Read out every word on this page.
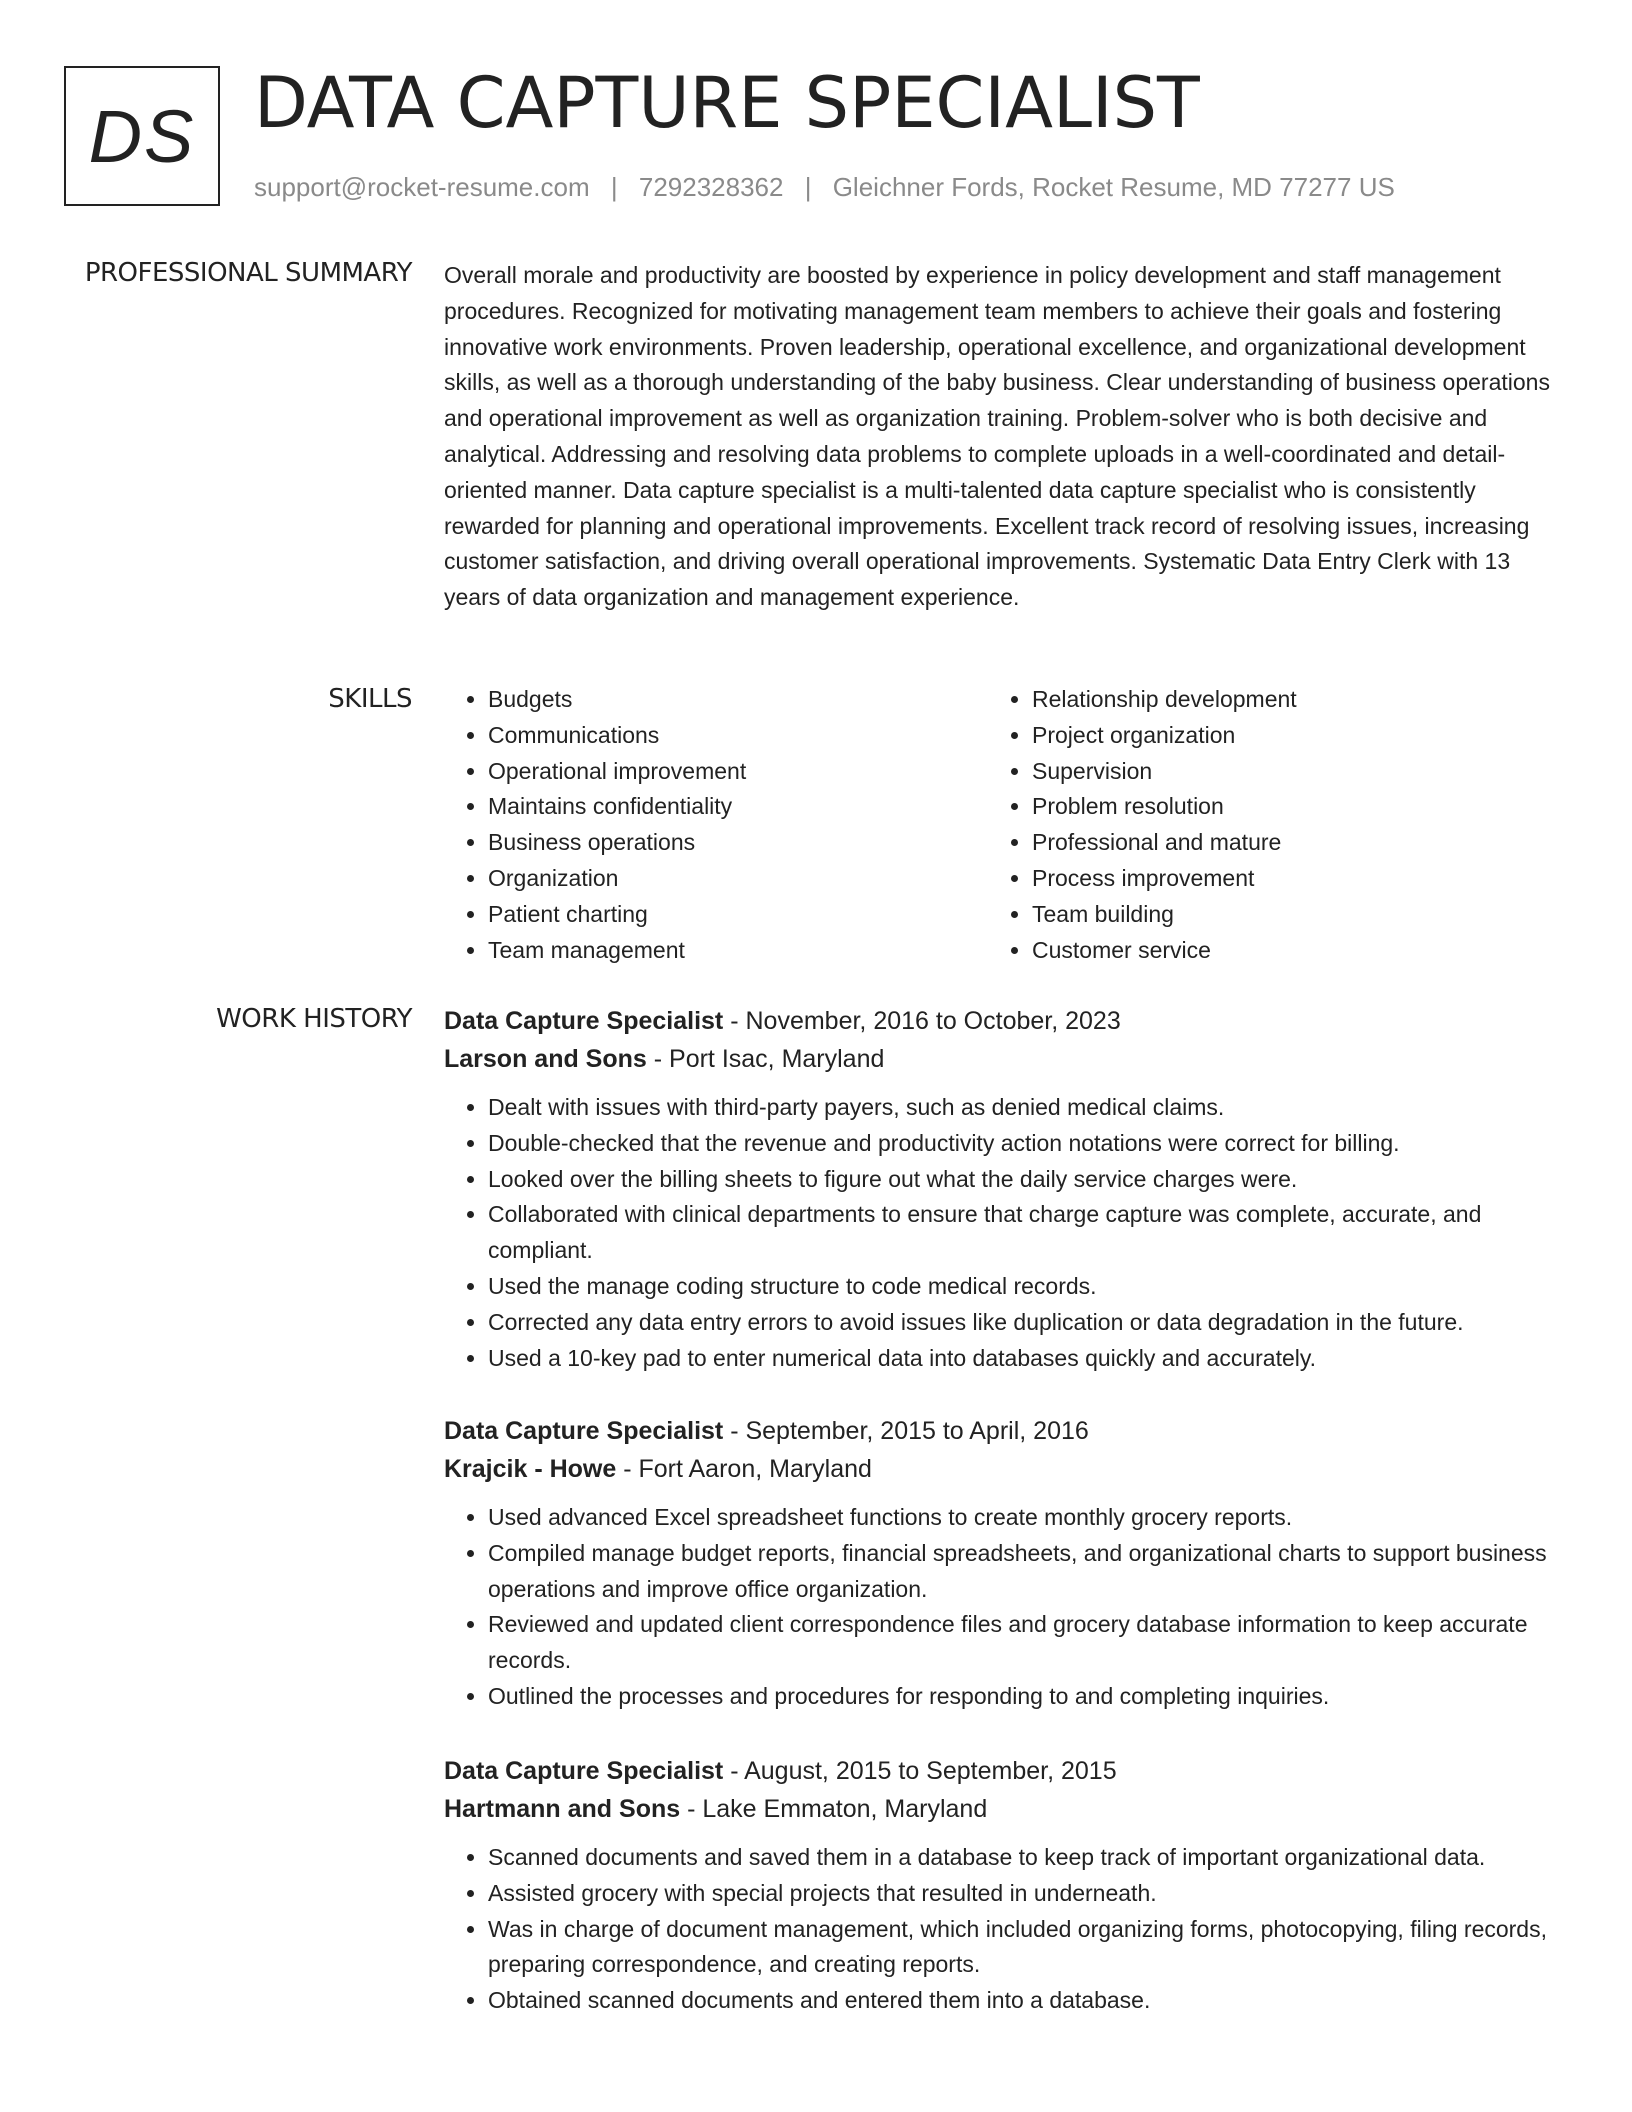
DS DATA CAPTURE SPECIALIST
support@rocket-resume.com | 7292328362 | Gleichner Fords, Rocket Resume, MD 77277 US
PROFESSIONAL SUMMARY Overall morale and productivity are boosted by experience in policy development and staff management procedures. Recognized for motivating management team members to achieve their goals and fostering innovative work environments. Proven leadership, operational excellence, and organizational development skills, as well as a thorough understanding of the baby business. Clear understanding of business operations and operational improvement as well as organization training. Problem-solver who is both decisive and analytical. Addressing and resolving data problems to complete uploads in a well-coordinated and detail-oriented manner. Data capture specialist is a multi-talented data capture specialist who is consistently rewarded for planning and operational improvements. Excellent track record of resolving issues, increasing customer satisfaction, and driving overall operational improvements. Systematic Data Entry Clerk with 13 years of data organization and management experience.

SKILLS
•	Budgets
• Communications
• Operational improvement
• Maintains confidentiality
• Business operations
• Organization
• Patient charting
• Team management
• Relationship development
• Project organization
• Supervision
• Problem resolution
• Professional and mature
• Process improvement
• Team building
• Customer service
WORK HISTORY Data Capture Specialist - November, 2016 to October, 2023
Larson and Sons - Port Isac, Maryland
• Dealt with issues with third-party payers, such as denied medical claims.
• Double-checked that the revenue and productivity action notations were correct for billing.
• Looked over the billing sheets to figure out what the daily service charges were.
• Collaborated with clinical departments to ensure that charge capture was complete, accurate, and compliant.
• Used the manage coding structure to code medical records.
• Corrected any data entry errors to avoid issues like duplication or data degradation in the future.
• Used a 10-key pad to enter numerical data into databases quickly and accurately.
Data Capture Specialist - September, 2015 to April, 2016
Krajcik - Howe - Fort Aaron, Maryland
• Used advanced Excel spreadsheet functions to create monthly grocery reports.
• Compiled manage budget reports, financial spreadsheets, and organizational charts to support business operations and improve office organization.
• Reviewed and updated client correspondence files and grocery database information to keep accurate records.
• Outlined the processes and procedures for responding to and completing inquiries.
Data Capture Specialist - August, 2015 to September, 2015
Hartmann and Sons - Lake Emmaton, Maryland
• Scanned documents and saved them in a database to keep track of important organizational data.
• Assisted grocery with special projects that resulted in underneath.
• Was in charge of document management, which included organizing forms, photocopying, filing records, preparing correspondence, and creating reports.
• Obtained scanned documents and entered them into a database.
